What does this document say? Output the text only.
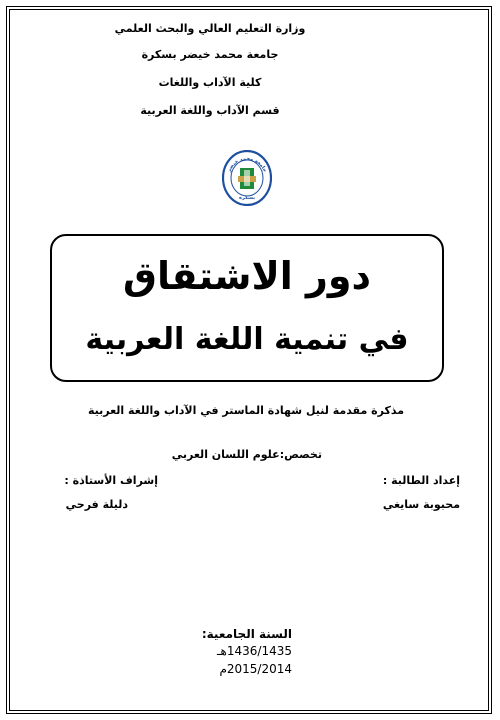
وزارة التعليم العالي والبحث العلمي
جامعة محمد خيضر بسكرة
كلية الآداب واللغات
قسم الآداب واللغة العربية
جامعة محمد خيضر
بسكرة
دور الاشتقاق
في تنمية اللغة العربية
مذكرة مقدمة لنيل شهادة الماستر في الآداب واللغة العربية
تخصص:علوم اللسان العربي
إعداد الطالبة :
محبوبة سايغي
إشراف الأستاذة :
دليلة فرحي
السنة الجامعية:
1436/1435هـ
2015/2014م
